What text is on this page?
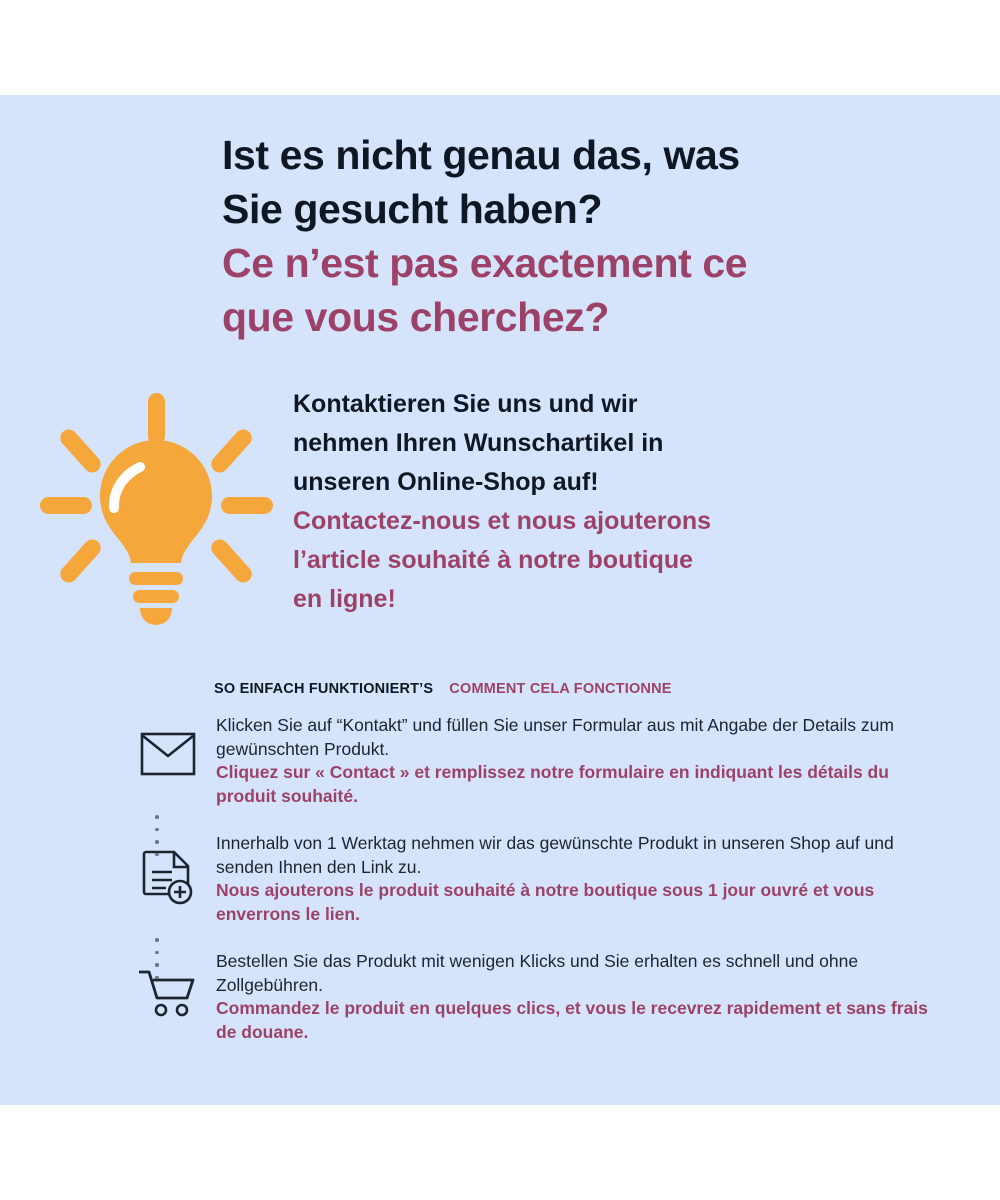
Ist es nicht genau das, was

Sie gesucht haben?

Ce n’est pas exactement ce

que vous cherchez?

Kontaktieren Sie uns und wir

nehmen Ihren Wunschartikel in

unseren Online-Shop auf!

Contactez-nous et nous ajouterons

l’article souhaité à notre boutique

en ligne!

SO EINFACH FUNKTIONIERT’S COMMENT CELA FONCTIONNE

Klicken Sie auf “Kontakt” und füllen Sie unser Formular aus mit Angabe der Details zum gewünschten Produkt.

Cliquez sur « Contact » et remplissez notre formulaire en indiquant les détails du produit souhaité.

Innerhalb von 1 Werktag nehmen wir das gewünschte Produkt in unseren Shop auf und senden Ihnen den Link zu.

Nous ajouterons le produit souhaité à notre boutique sous 1 jour ouvré et vous enverrons le lien.

Bestellen Sie das Produkt mit wenigen Klicks und Sie erhalten es schnell und ohne Zollgebühren.

Commandez le produit en quelques clics, et vous le recevrez rapidement et sans frais de douane.
